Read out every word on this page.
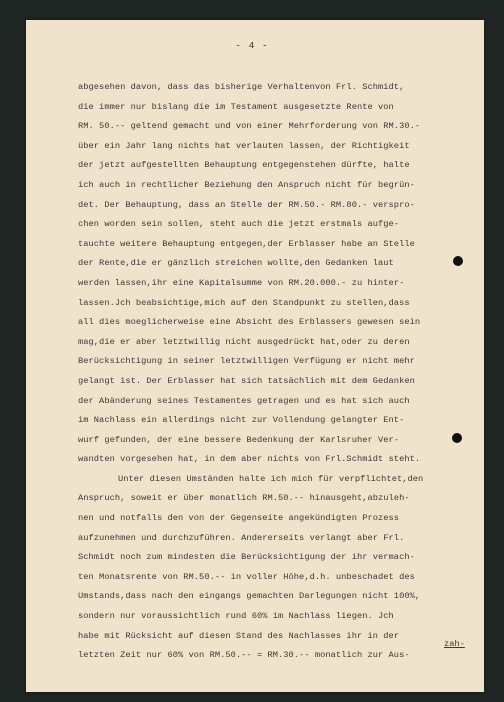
- 4 -
abgesehen davon, dass das bisherige Verhaltenvon Frl. Schmidt,
die immer nur bislang die im Testament ausgesetzte Rente von
RM. 50.-- geltend gemacht und von einer Mehrforderung von RM.30.-
über ein Jahr lang nichts hat verlauten lassen, der Richtigkeit
der jetzt aufgestellten Behauptung entgegenstehen dürfte, halte
ich auch in rechtlicher Beziehung den Anspruch nicht für begrün-
det. Der Behauptung, dass an Stelle der RM.50.- RM.80.- verspro-
chen worden sein sollen, steht auch die jetzt erstmals aufge-
tauchte weitere Behauptung entgegen,der Erblasser habe an Stelle
der Rente,die er gänzlich streichen wollte,den Gedanken laut
werden lassen,ihr eine Kapitalsumme von RM.20.000.- zu hinter-
lassen.Jch beabsichtige,mich auf den Standpunkt zu stellen,dass
all dies moeglicherweise eine Absicht des Erblassers gewesen sein
mag,die er aber letztwillig nicht ausgedrückt hat,oder zu deren
Berücksichtigung in seiner letztwilligen Verfügung er nicht mehr
gelangt ist. Der Erblasser hat sich tatsächlich mit dem Gedanken
der Abänderung seines Testamentes getragen und es hat sich auch
im Nachlass ein allerdings nicht zur Vollendung gelangter Ent-
wurf gefunden, der eine bessere Bedenkung der Karlsruher Ver-
wandten vorgesehen hat, in dem aber nichts von Frl.Schmidt steht.
Unter diesen Umständen halte ich mich für verpflichtet,den
Anspruch, soweit er über monatlich RM.50.-- hinausgeht,abzuleh-
nen und notfalls den von der Gegenseite angekündigten Prozess
aufzunehmen und durchzuführen. Andererseits verlangt aber Frl.
Schmidt noch zum mindesten die Berücksichtigung der ihr vermach-
ten Monatsrente von RM.50.-- in voller Höhe,d.h. unbeschadet des
Umstands,dass nach den eingangs gemachten Darlegungen nicht 100%,
sondern nur voraussichtlich rund 60% im Nachlass liegen. Jch
habe mit Rücksicht auf diesen Stand des Nachlasses ihr in der
letzten Zeit nur 60% von RM.50.-- = RM.30.-- monatlich zur Aus-
zah-
